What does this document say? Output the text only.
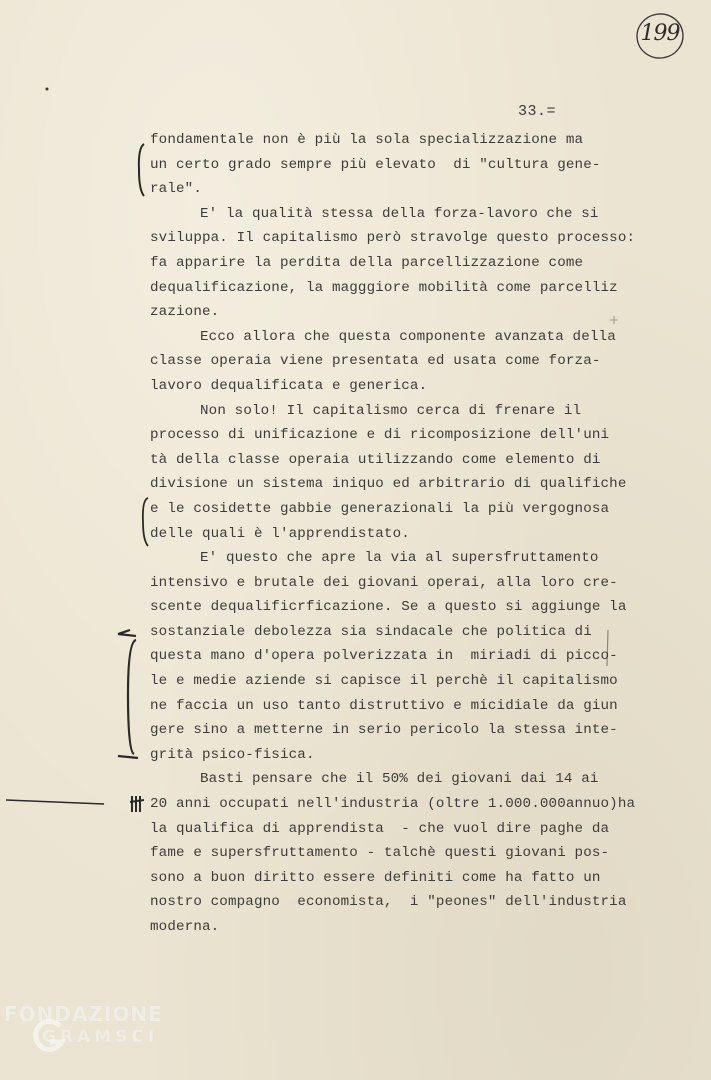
199
33.=
fondamentale non è più la sola specializzazione ma
un certo grado sempre più elevato  di "cultura gene-
rale".
E' la qualità stessa della forza-lavoro che si
sviluppa. Il capitalismo però stravolge questo processo:
fa apparire la perdita della parcellizzazione come
dequalificazione, la magggiore mobilità come parcelliz
zazione.
Ecco allora che questa componente avanzata della
classe operaia viene presentata ed usata come forza-
lavoro dequalificata e generica.
Non solo! Il capitalismo cerca di frenare il
processo di unificazione e di ricomposizione dell'uni
tà della classe operaia utilizzando come elemento di
divisione un sistema iniquo ed arbitrario di qualifiche
e le cosidette gabbie generazionali la più vergognosa
delle quali è l'apprendistato.
E' questo che apre la via al supersfruttamento
intensivo e brutale dei giovani operai, alla loro cre-
scente dequalificrficazione. Se a questo si aggiunge la
sostanziale debolezza sia sindacale che politica di
questa mano d'opera polverizzata in  miriadi di picco-
le e medie aziende si capisce il perchè il capitalismo
ne faccia un uso tanto distruttivo e micidiale da giun
gere sino a metterne in serio pericolo la stessa inte-
grità psico-fisica.
Basti pensare che il 50% dei giovani dai 14 ai
20 anni occupati nell'industria (oltre 1.000.000annuo)ha
la qualifica di apprendista  - che vuol dire paghe da
fame e supersfruttamento - talchè questi giovani pos-
sono a buon diritto essere definiti come ha fatto un
nostro compagno  economista,  i "peones" dell'industria
moderna.
FONDAZIONE
GRAMSCI
